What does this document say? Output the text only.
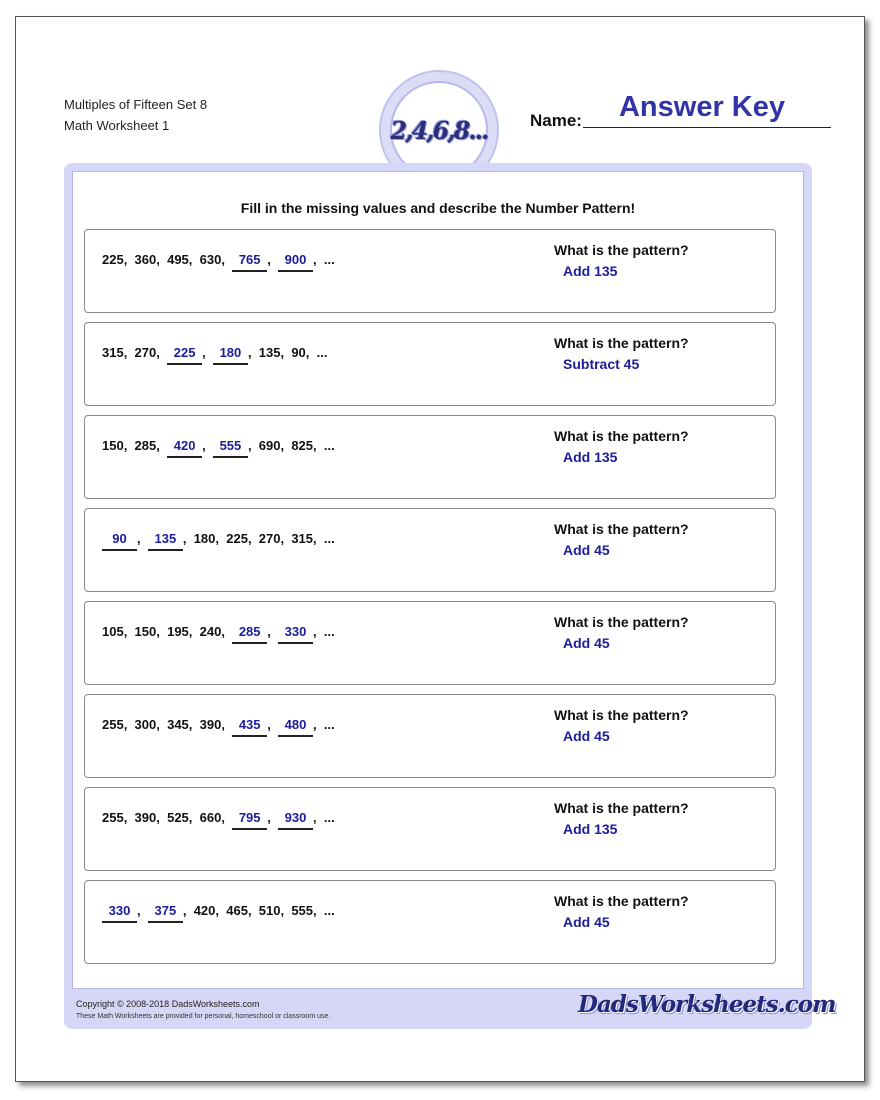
Multiples of Fifteen Set 8
Math Worksheet 1	2,4,6,8...	Name:	Answer Key
Fill in the missing values and describe the Number Pattern!
Copyright © 2008-2018 DadsWorksheets.com
These Math Worksheets are provided for personal, homeschool or classroom use.	DadsWorksheets.com
225 , 360 , 495 , 630 , 765 , 900 , ...
What is the pattern?
Add 135
315 , 270 , 225 , 180 , 135 , 90 , ...
What is the pattern?
Subtract 45
150 , 285 , 420 , 555 , 690 , 825 , ...
What is the pattern?
Add 135
90 , 135 , 180 , 225 , 270 , 315 , ...
What is the pattern?
Add 45
105 , 150 , 195 , 240 , 285 , 330 , ...
What is the pattern?
Add 45
255 , 300 , 345 , 390 , 435 , 480 , ...
What is the pattern?
Add 45
255 , 390 , 525 , 660 , 795 , 930 , ...
What is the pattern?
Add 135
330 , 375 , 420 , 465 , 510 , 555 , ...
What is the pattern?
Add 45
